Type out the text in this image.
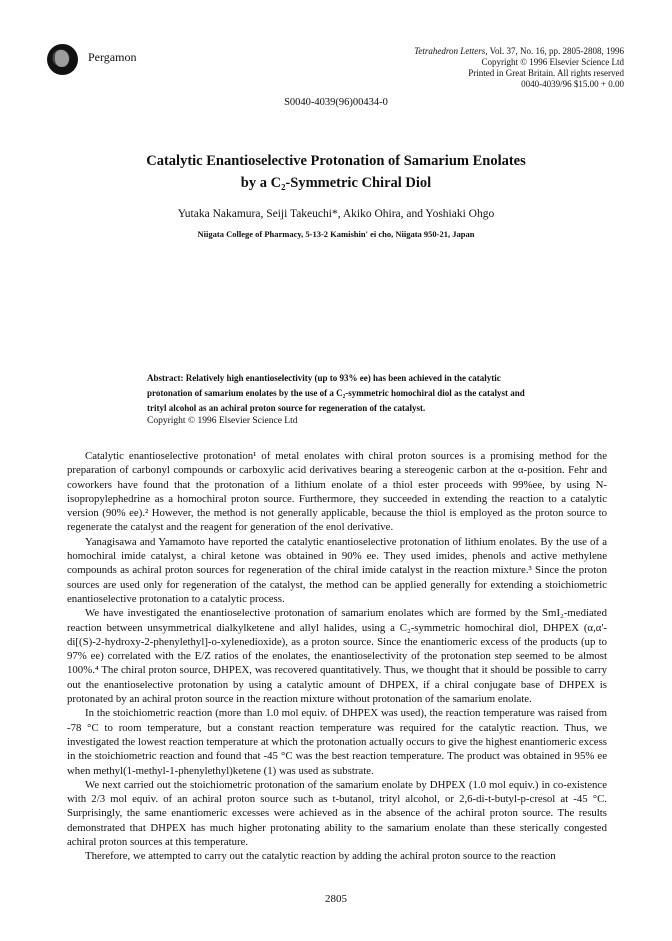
Pergamon	Tetrahedron Letters, Vol. 37, No. 16, pp. 2805-2808, 1996
Copyright © 1996 Elsevier Science Ltd
Printed in Great Britain. All rights reserved
0040-4039/96 $15.00 + 0.00
S0040-4039(96)00434-0
Catalytic Enantioselective Protonation of Samarium Enolates
by a C₂-Symmetric Chiral Diol
Yutaka Nakamura, Seiji Takeuchi*, Akiko Ohira, and Yoshiaki Ohgo
Niigata College of Pharmacy, 5-13-2 Kamishin' ei cho, Niigata 950-21, Japan
Abstract: Relatively high enantioselectivity (up to 93% ee) has been achieved in the catalytic protonation of samarium enolates by the use of a C₂-symmetric homochiral diol as the catalyst and trityl alcohol as an achiral proton source for regeneration of the catalyst.
Copyright © 1996 Elsevier Science Ltd

Catalytic enantioselective protonation¹ of metal enolates with chiral proton sources is a promising method for the preparation of carbonyl compounds or carboxylic acid derivatives bearing a stereogenic carbon at the α-position. Fehr and coworkers have found that the protonation of a lithium enolate of a thiol ester proceeds with 99%ee, by using N-isopropylephedrine as a homochiral proton source. Furthermore, they succeeded in extending the reaction to a catalytic version (90% ee).² However, the method is not generally applicable, because the thiol is employed as the proton source to regenerate the catalyst and the reagent for generation of the enol derivative.

Yanagisawa and Yamamoto have reported the catalytic enantioselective protonation of lithium enolates. By the use of a homochiral imide catalyst, a chiral ketone was obtained in 90% ee. They used imides, phenols and active methylene compounds as achiral proton sources for regeneration of the chiral imide catalyst in the reaction mixture.³ Since the proton sources are used only for regeneration of the catalyst, the method can be applied generally for extending a stoichiometric enantioselective protonation to a catalytic process.

We have investigated the enantioselective protonation of samarium enolates which are formed by the SmI₂-mediated reaction between unsymmetrical dialkylketene and allyl halides, using a C₂-symmetric homochiral diol, DHPEX (α,α'-di[(S)-2-hydroxy-2-phenylethyl]-o-xylenedioxide), as a proton source. Since the enantiomeric excess of the products (up to 97% ee) correlated with the E/Z ratios of the enolates, the enantioselectivity of the protonation step seemed to be almost 100%.⁴ The chiral proton source, DHPEX, was recovered quantitatively. Thus, we thought that it should be possible to carry out the enantioselective protonation by using a catalytic amount of DHPEX, if a chiral conjugate base of DHPEX is protonated by an achiral proton source in the reaction mixture without protonation of the samarium enolate.

In the stoichiometric reaction (more than 1.0 mol equiv. of DHPEX was used), the reaction temperature was raised from -78 °C to room temperature, but a constant reaction temperature was required for the catalytic reaction. Thus, we investigated the lowest reaction temperature at which the protonation actually occurs to give the highest enantiomeric excess in the stoichiometric reaction and found that -45 °C was the best reaction temperature. The product was obtained in 95% ee when methyl(1-methyl-1-phenylethyl)ketene (1) was used as substrate.

We next carried out the stoichiometric protonation of the samarium enolate by DHPEX (1.0 mol equiv.) in co-existence with 2/3 mol equiv. of an achiral proton source such as t-butanol, trityl alcohol, or 2,6-di-t-butyl-p-cresol at -45 °C. Surprisingly, the same enantiomeric excesses were achieved as in the absence of the achiral proton source. The results demonstrated that DHPEX has much higher protonating ability to the samarium enolate than these sterically congested achiral proton sources at this temperature.

Therefore, we attempted to carry out the catalytic reaction by adding the achiral proton source to the reaction

2805
